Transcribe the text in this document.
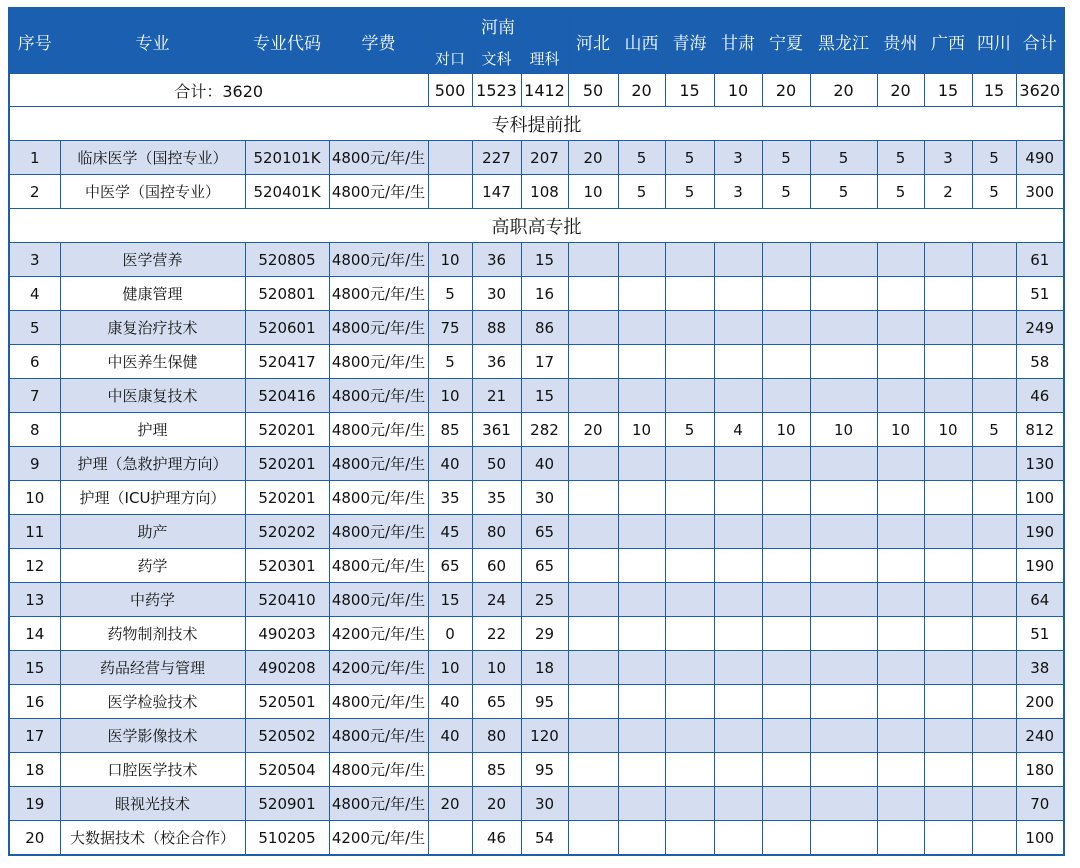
序号	专业	专业代码	学费	河南			河北	山西	青海	甘肃	宁夏	黑龙江	贵州	广西	四川	合计
				对口	文科	理科										
合计：3620				500	1523	1412	50	20	15	10	20	20	20	15	15	3620
专科提前批																
1	临床医学（国控专业）	520101K	4800元/年/生		227	207	20	5	5	3	5	5	5	3	5	490
2	中医学（国控专业）	520401K	4800元/年/生		147	108	10	5	5	3	5	5	5	2	5	300
高职高专批																
3	医学营养	520805	4800元/年/生	10	36	15										61
4	健康管理	520801	4800元/年/生	5	30	16										51
5	康复治疗技术	520601	4800元/年/生	75	88	86										249
6	中医养生保健	520417	4800元/年/生	5	36	17										58
7	中医康复技术	520416	4800元/年/生	10	21	15										46
8	护理	520201	4800元/年/生	85	361	282	20	10	5	4	10	10	10	10	5	812
9	护理（急救护理方向）	520201	4800元/年/生	40	50	40										130
10	护理（ICU护理方向）	520201	4800元/年/生	35	35	30										100
11	助产	520202	4800元/年/生	45	80	65										190
12	药学	520301	4800元/年/生	65	60	65										190
13	中药学	520410	4800元/年/生	15	24	25										64
14	药物制剂技术	490203	4200元/年/生	0	22	29										51
15	药品经营与管理	490208	4200元/年/生	10	10	18										38
16	医学检验技术	520501	4800元/年/生	40	65	95										200
17	医学影像技术	520502	4800元/年/生	40	80	120										240
18	口腔医学技术	520504	4800元/年/生		85	95										180
19	眼视光技术	520901	4800元/年/生	20	20	30										70
20	大数据技术（校企合作）	510205	4200元/年/生		46	54										100
